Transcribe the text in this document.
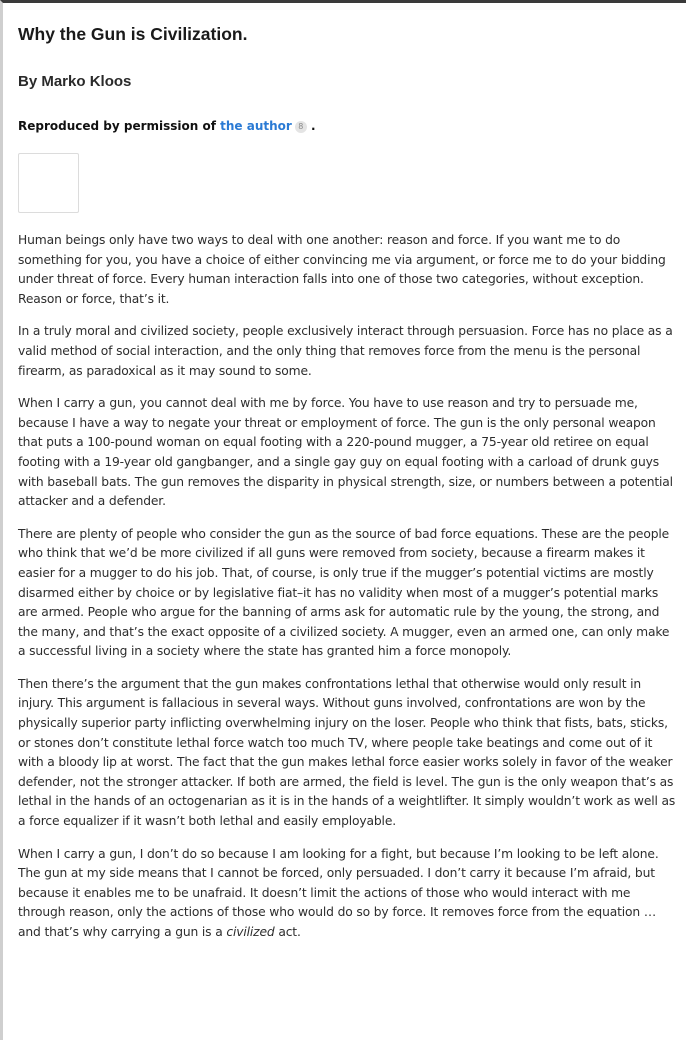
Why the Gun is Civilization.

By Marko Kloos

Reproduced by permission of the author 8 .

Human beings only have two ways to deal with one another: reason and force. If you want me to do something for you, you have a choice of either convincing me via argument, or force me to do your bidding under threat of force. Every human interaction falls into one of those two categories, without exception. Reason or force, that’s it.

In a truly moral and civilized society, people exclusively interact through persuasion. Force has no place as a valid method of social interaction, and the only thing that removes force from the menu is the personal firearm, as paradoxical as it may sound to some.

When I carry a gun, you cannot deal with me by force. You have to use reason and try to persuade me, because I have a way to negate your threat or employment of force. The gun is the only personal weapon that puts a 100-pound woman on equal footing with a 220-pound mugger, a 75-year old retiree on equal footing with a 19-year old gangbanger, and a single gay guy on equal footing with a carload of drunk guys with baseball bats. The gun removes the disparity in physical strength, size, or numbers between a potential attacker and a defender.

There are plenty of people who consider the gun as the source of bad force equations. These are the people who think that we’d be more civilized if all guns were removed from society, because a firearm makes it easier for a mugger to do his job. That, of course, is only true if the mugger’s potential victims are mostly disarmed either by choice or by legislative fiat–it has no validity when most of a mugger’s potential marks are armed. People who argue for the banning of arms ask for automatic rule by the young, the strong, and the many, and that’s the exact opposite of a civilized society. A mugger, even an armed one, can only make a successful living in a society where the state has granted him a force monopoly.

Then there’s the argument that the gun makes confrontations lethal that otherwise would only result in injury. This argument is fallacious in several ways. Without guns involved, confrontations are won by the physically superior party inflicting overwhelming injury on the loser. People who think that fists, bats, sticks, or stones don’t constitute lethal force watch too much TV, where people take beatings and come out of it with a bloody lip at worst. The fact that the gun makes lethal force easier works solely in favor of the weaker defender, not the stronger attacker. If both are armed, the field is level. The gun is the only weapon that’s as lethal in the hands of an octogenarian as it is in the hands of a weightlifter. It simply wouldn’t work as well as a force equalizer if it wasn’t both lethal and easily employable.

When I carry a gun, I don’t do so because I am looking for a fight, but because I’m looking to be left alone. The gun at my side means that I cannot be forced, only persuaded. I don’t carry it because I’m afraid, but because it enables me to be unafraid. It doesn’t limit the actions of those who would interact with me through reason, only the actions of those who would do so by force. It removes force from the equation … and that’s why carrying a gun is a civilized act.
